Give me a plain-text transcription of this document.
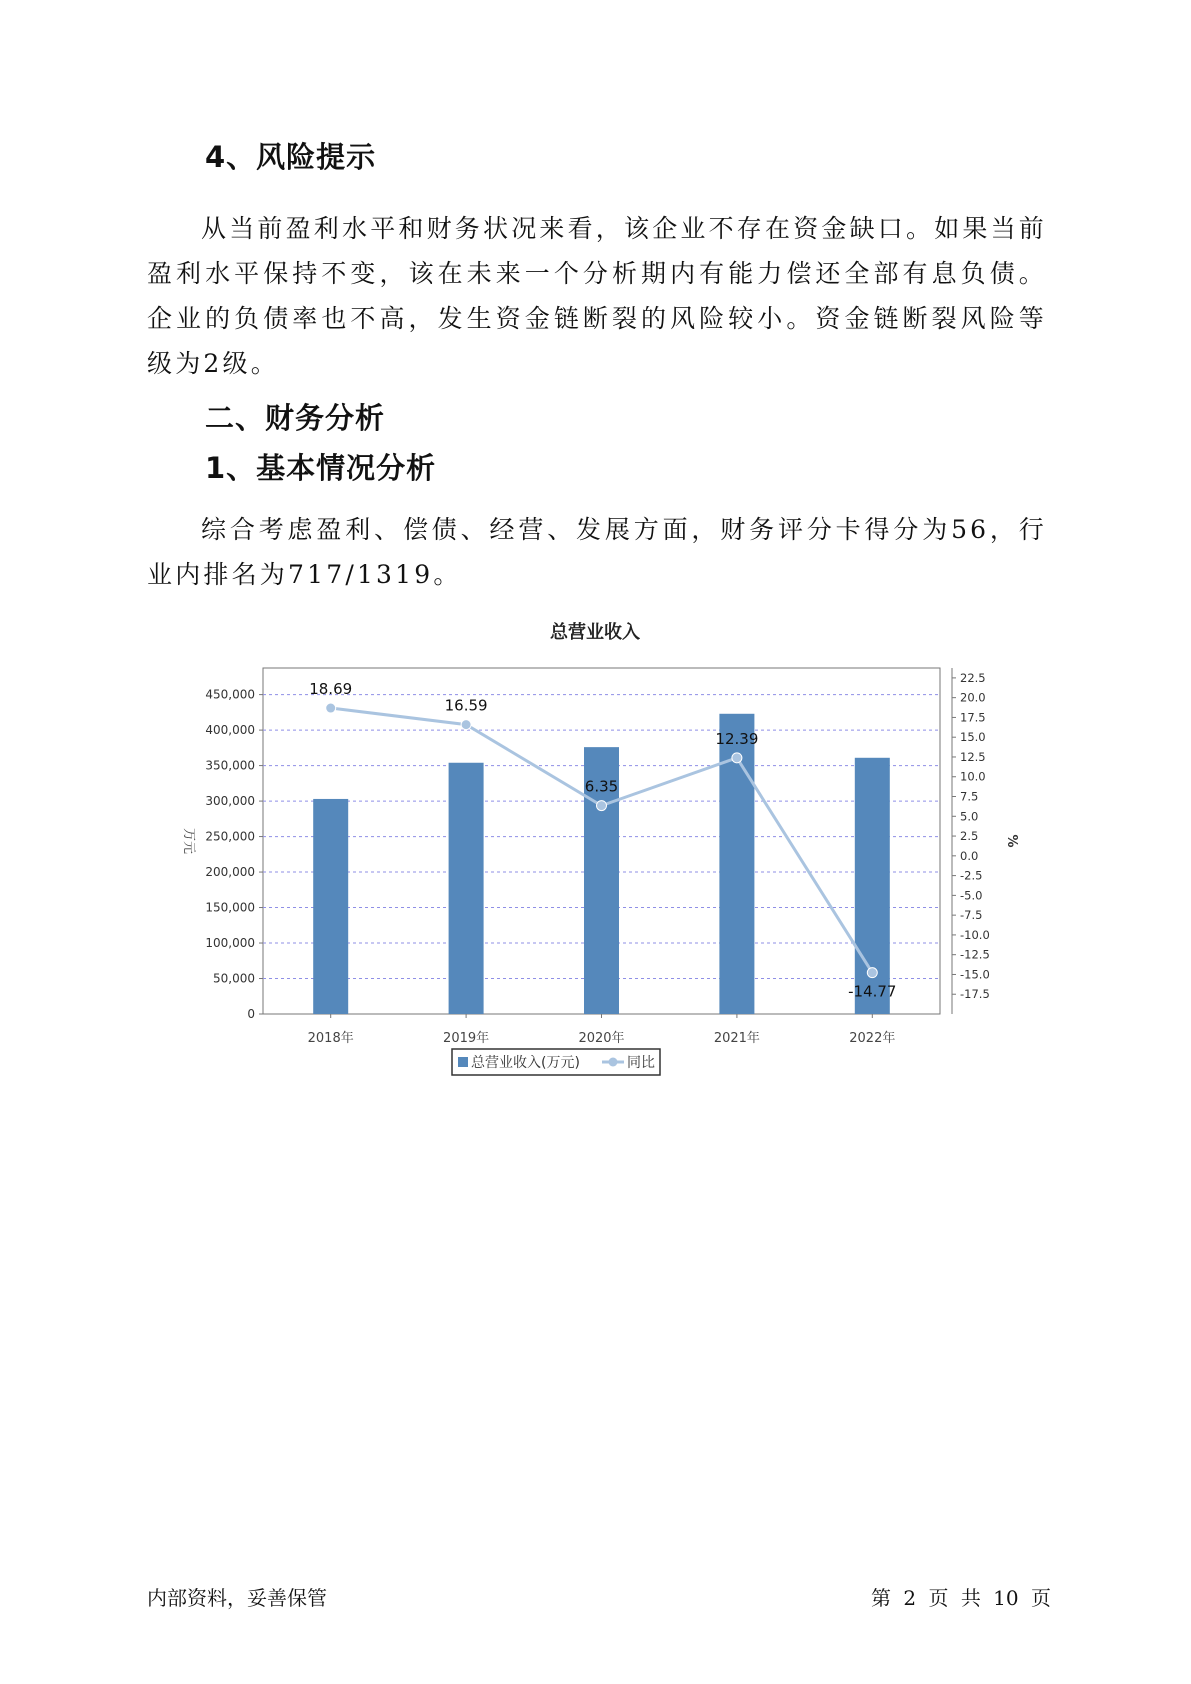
4、风险提示

从当前盈利水平和财务状况来看，该企业不存在资金缺口。如果当前盈利水平保持不变，该在未来一个分析期内有能力偿还全部有息负债。企业的负债率也不高，发生资金链断裂的风险较小。资金链断裂风险等级为2级。

二、财务分析
1、基本情况分析

综合考虑盈利、偿债、经营、发展方面，财务评分卡得分为56，行业内排名为717/1319。

总营业收入
18.69
16.59
6.35
12.39
-14.77
0
50,000
100,000
150,000
200,000
250,000
300,000
350,000
400,000
450,000
22.5
20.0
17.5
15.0
12.5
10.0
7.5
5.0
2.5
0.0
-2.5
-5.0
-7.5
-10.0
-12.5
-15.0
-17.5
万元	%
2018年	2019年	2020年	2021年	2022年
总营业收入(万元)	同比
内部资料，妥善保管	第 2 页 共 10 页
